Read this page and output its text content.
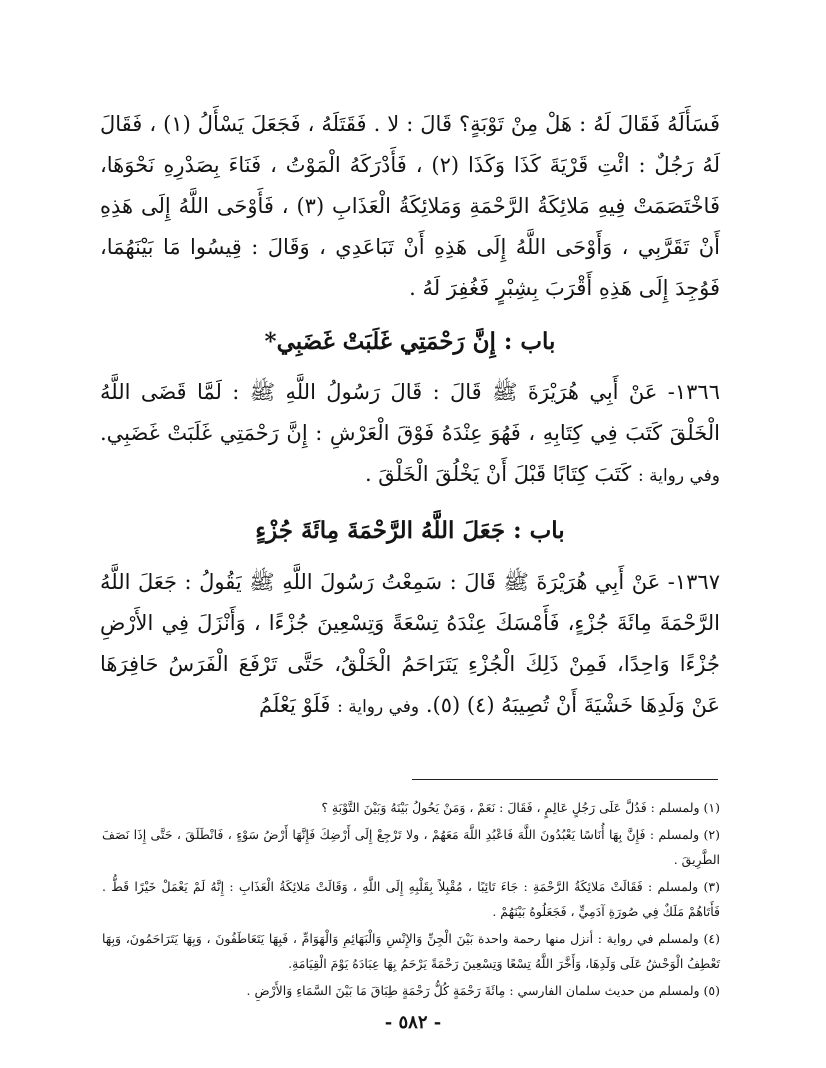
فَسَأَلَهُ فَقَالَ لَهُ : هَلْ مِنْ تَوْبَةٍ؟ قَالَ : لا . فَقَتَلَهُ ، فَجَعَلَ يَسْأَلُ (١) ، فَقَالَ لَهُ رَجُلٌ : ائْتِ قَرْيَةَ كَذَا وَكَذَا (٢) ، فَأَدْرَكَهُ الْمَوْتُ ، فَنَاءَ بِصَدْرِهِ نَحْوَهَا، فَاخْتَصَمَتْ فِيهِ مَلائِكَةُ الرَّحْمَةِ وَمَلائِكَةُ الْعَذَابِ (٣) ، فَأَوْحَى اللَّهُ إِلَى هَذِهِ أَنْ تَقَرَّبِي ، وَأَوْحَى اللَّهُ إِلَى هَذِهِ أَنْ تَبَاعَدِي ، وَقَالَ : قِيسُوا مَا بَيْنَهُمَا، فَوُجِدَ إِلَى هَذِهِ أَقْرَبَ بِشِبْرٍ فَغُفِرَ لَهُ .
باب : إِنَّ رَحْمَتِي غَلَبَتْ غَضَبِي*
١٣٦٦- عَنْ أَبِي هُرَيْرَةَ ﷺ قَالَ : قَالَ رَسُولُ اللَّهِ ﷺ : لَمَّا قَضَى اللَّهُ الْخَلْقَ كَتَبَ فِي كِتَابِهِ ، فَهُوَ عِنْدَهُ فَوْقَ الْعَرْشِ : إِنَّ رَحْمَتِي غَلَبَتْ غَضَبِي. وفي رواية : كَتَبَ كِتَابًا قَبْلَ أَنْ يَخْلُقَ الْخَلْقَ .
باب : جَعَلَ اللَّهُ الرَّحْمَةَ مِائَةَ جُزْءٍ
١٣٦٧- عَنْ أَبِي هُرَيْرَةَ ﷺ قَالَ : سَمِعْتُ رَسُولَ اللَّهِ ﷺ يَقُولُ : جَعَلَ اللَّهُ الرَّحْمَةَ مِائَةَ جُزْءٍ، فَأَمْسَكَ عِنْدَهُ تِسْعَةً وَتِسْعِينَ جُزْءًا ، وَأَنْزَلَ فِي الأَرْضِ جُزْءًا وَاحِدًا، فَمِنْ ذَلِكَ الْجُزْءِ يَتَرَاحَمُ الْخَلْقُ، حَتَّى تَرْفَعَ الْفَرَسُ حَافِرَهَا عَنْ وَلَدِهَا خَشْيَةَ أَنْ تُصِيبَهُ (٤) (٥). وفي رواية : فَلَوْ يَعْلَمُ

(١) ولمسلم : فَدُلَّ عَلَى رَجُلٍ عَالِمٍ ، فَقَالَ : نَعَمْ ، وَمَنْ يَحُولُ بَيْنَهُ وَبَيْنَ التَّوْبَةِ ؟

(٢) ولمسلم : فَإِنَّ بِهَا أُنَاسًا يَعْبُدُونَ اللَّهَ فَاعْبُدِ اللَّهَ مَعَهُمْ ، ولا تَرْجِعْ إِلَى أَرْضِكَ فَإِنَّهَا أَرْضُ سَوْءٍ ، فَانْطَلَقَ ، حَتَّى إِذَا نَصَفَ الطَّرِيقَ .

(٣) ولمسلم : فَقَالَتْ مَلائِكَةُ الرَّحْمَةِ : جَاءَ تَائِبًا ، مُقْبِلاً بِقَلْبِهِ إِلَى اللَّهِ ، وَقَالَتْ مَلائِكَةُ الْعَذَابِ : إِنَّهُ لَمْ يَعْمَلْ خَيْرًا قَطُّ . فَأَتَاهُمْ مَلَكٌ فِي صُورَةِ آدَمِيٍّ ، فَجَعَلُوهُ بَيْنَهُمْ .

(٤) ولمسلم في رواية : أنزل منها رحمة واحدة بَيْنَ الْجِنِّ وَالإِنْسِ وَالْبَهَائِمِ وَالْهَوَامِّ ، فَبِهَا يَتَعَاطَفُونَ ، وَبِهَا يَتَرَاحَمُونَ، وَبِهَا تَعْطِفُ الْوَحْشُ عَلَى وَلَدِهَا، وَأَخَّرَ اللَّهُ تِسْعًا وَتِسْعِينَ رَحْمَةً يَرْحَمُ بِهَا عِبَادَهُ يَوْمَ الْقِيَامَةِ.

(٥) ولمسلم من حديث سلمان الفارسي : مِائَةَ رَحْمَةٍ كُلُّ رَحْمَةٍ طِبَاقَ مَا بَيْنَ السَّمَاءِ وَالأَرْضِ .

- ٥٨٢ -
